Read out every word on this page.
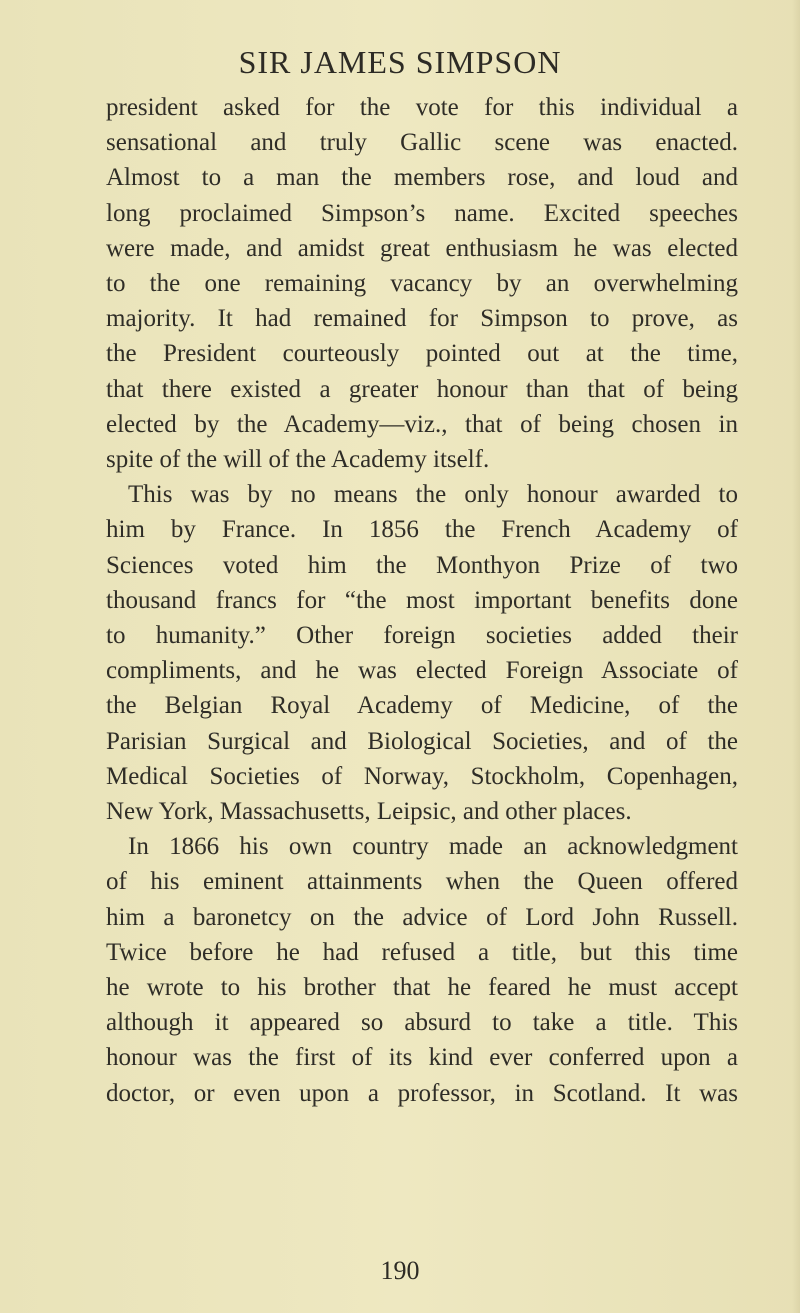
SIR JAMES SIMPSON
president asked for the vote for this individual a
sensational and truly Gallic scene was enacted.
Almost to a man the members rose, and loud and
long proclaimed Simpson’s name. Excited speeches
were made, and amidst great enthusiasm he was elected
to the one remaining vacancy by an overwhelming
majority. It had remained for Simpson to prove, as
the President courteously pointed out at the time,
that there existed a greater honour than that of being
elected by the Academy—viz., that of being chosen in
spite of the will of the Academy itself.
This was by no means the only honour awarded to
him by France. In 1856 the French Academy of
Sciences voted him the Monthyon Prize of two
thousand francs for “the most important benefits done
to humanity.” Other foreign societies added their
compliments, and he was elected Foreign Associate of
the Belgian Royal Academy of Medicine, of the
Parisian Surgical and Biological Societies, and of the
Medical Societies of Norway, Stockholm, Copenhagen,
New York, Massachusetts, Leipsic, and other places.
In 1866 his own country made an acknowledgment
of his eminent attainments when the Queen offered
him a baronetcy on the advice of Lord John Russell.
Twice before he had refused a title, but this time
he wrote to his brother that he feared he must accept
although it appeared so absurd to take a title. This
honour was the first of its kind ever conferred upon a
doctor, or even upon a professor, in Scotland. It was
190
